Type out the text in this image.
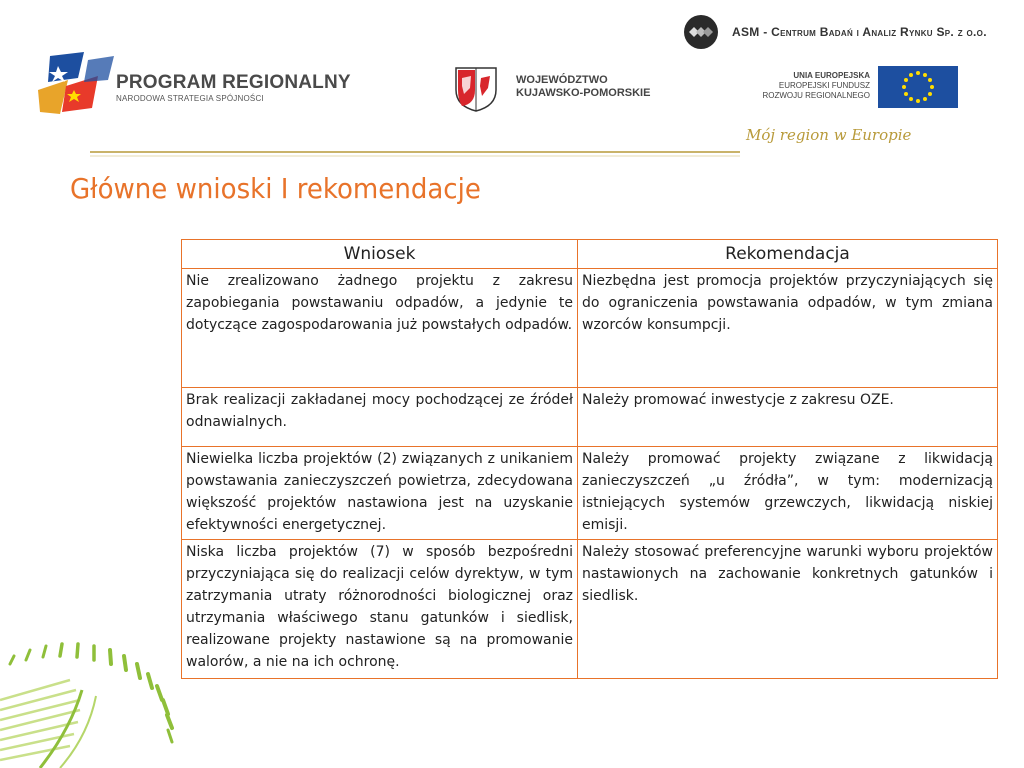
ASM - Centrum Badań i Analiz Rynku Sp. z o.o.
PROGRAM REGIONALNY
NARODOWA STRATEGIA SPÓJNOŚCI
WOJEWÓDZTWO
KUJAWSKO-POMORSKIE
UNIA EUROPEJSKA
EUROPEJSKI FUNDUSZ
ROZWOJU REGIONALNEGO
Mój region w Europie
Główne wnioski I rekomendacje
Wniosek	Rekomendacja
Nie zrealizowano żadnego projektu z zakresu zapobiegania powstawaniu odpadów, a jedynie te dotyczące zagospodarowania już powstałych odpadów.	Niezbędna jest promocja projektów przyczyniających się do ograniczenia powstawania odpadów, w tym zmiana wzorców konsumpcji.
Brak realizacji zakładanej mocy pochodzącej ze źródeł odnawialnych.	Należy promować inwestycje z zakresu OZE.
Niewielka liczba projektów (2) związanych z unikaniem powstawania zanieczyszczeń powietrza, zdecydowana większość projektów nastawiona jest na uzyskanie efektywności energetycznej.	Należy promować projekty związane z likwidacją zanieczyszczeń „u źródła”, w tym: modernizacją istniejących systemów grzewczych, likwidacją niskiej emisji.
Niska liczba projektów (7) w sposób bezpośredni przyczyniająca się do realizacji celów dyrektyw, w tym zatrzymania utraty różnorodności biologicznej oraz utrzymania właściwego stanu gatunków i siedlisk, realizowane projekty nastawione są na promowanie walorów, a nie na ich ochronę.	Należy stosować preferencyjne warunki wyboru projektów nastawionych na zachowanie konkretnych gatunków i siedlisk.
